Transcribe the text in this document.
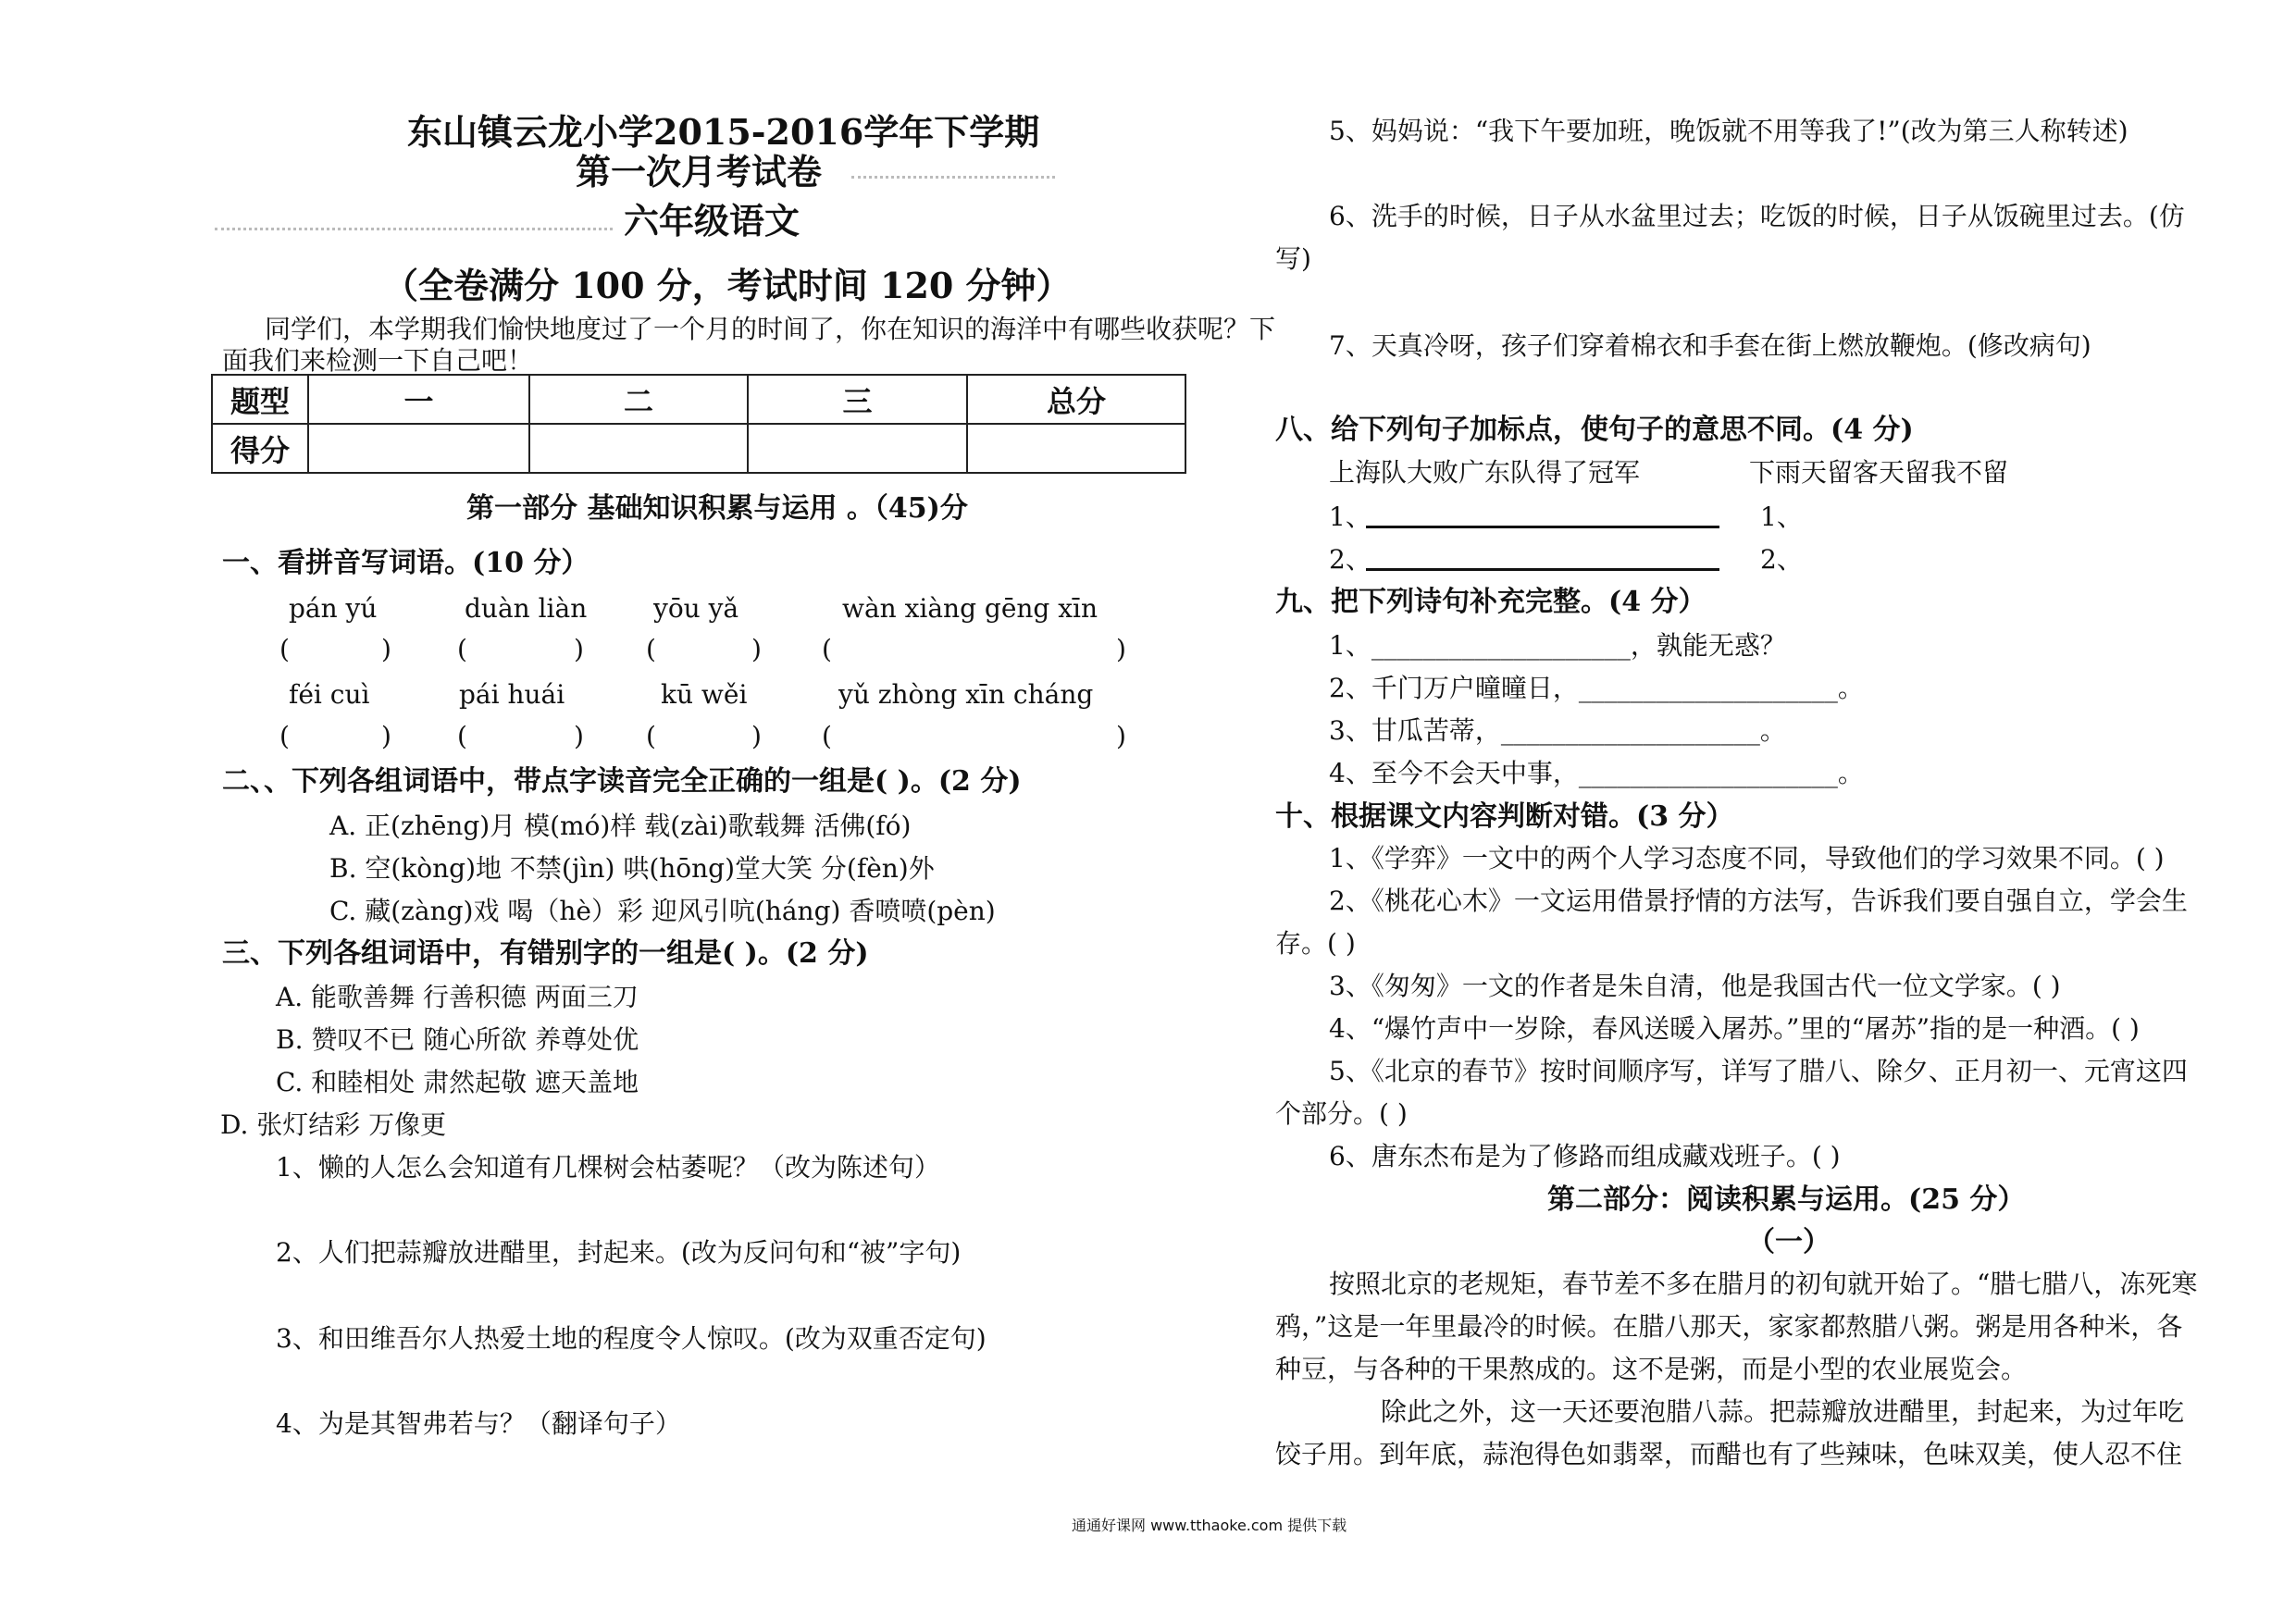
东山镇云龙小学2015-2016学年下学期
第一次月考试卷
六年级语文
（全卷满分 100 分，考试时间 120 分钟）
同学们，本学期我们愉快地度过了一个月的时间了，你在知识的海洋中有哪些收获呢？下
面我们来检测一下自己吧！
题型	一	二	三	总分
得分				
第一部分 基础知识积累与运用 。（45)分
一、看拼音写词语。(10 分）
pán yú	duàn liàn	yōu yǎ	wàn xiàng gēng xīn
(	)	(	) (	) (	)
féi cuì	pái huái	kū wěi	yǔ zhòng xīn cháng
(	)	(	) (	) (	)
二、、下列各组词语中，带点字读音完全正确的一组是( )。(2 分)
A. 正(zhēng)月 模(mó)样 载(zài)歌载舞 活佛(fó)
B. 空(kòng)地 不禁(jìn) 哄(hōng)堂大笑 分(fèn)外
C. 藏(zàng)戏 喝（hè）彩 迎风引吭(háng) 香喷喷(pèn)
三、下列各组词语中，有错别字的一组是( )。(2 分)
A. 能歌善舞 行善积德 两面三刀
B. 赞叹不已 随心所欲 养尊处优
C. 和睦相处 肃然起敬 遮天盖地
D. 张灯结彩 万像更
1、懒的人怎么会知道有几棵树会枯萎呢？（改为陈述句）
2、人们把蒜瓣放进醋里，封起来。(改为反问句和“被”字句)
3、和田维吾尔人热爱土地的程度令人惊叹。(改为双重否定句)
4、为是其智弗若与？（翻译句子）
5、妈妈说：“我下午要加班，晚饭就不用等我了!”(改为第三人称转述)
6、洗手的时候，日子从水盆里过去；吃饭的时候，日子从饭碗里过去。(仿
写)
7、天真冷呀，孩子们穿着棉衣和手套在街上燃放鞭炮。(修改病句)
八、给下列句子加标点，使句子的意思不同。(4 分)
上海队大败广东队得了冠军	下雨天留客天留我不留
1、	1、
2、	2、
九、把下列诗句补充完整。(4 分）
1、____________________，孰能无惑？
2、千门万户曈曈日，____________________。
3、甘瓜苦蒂，____________________。
4、至今不会天中事，____________________。
十、根据课文内容判断对错。(3 分）
1、《学弈》一文中的两个人学习态度不同，导致他们的学习效果不同。( )
2、《桃花心木》一文运用借景抒情的方法写，告诉我们要自强自立，学会生
存。( )
3、《匆匆》一文的作者是朱自清，他是我国古代一位文学家。( )
4、“爆竹声中一岁除，春风送暖入屠苏。”里的“屠苏”指的是一种酒。( )
5、《北京的春节》按时间顺序写，详写了腊八、除夕、正月初一、元宵这四
个部分。( )
6、唐东杰布是为了修路而组成藏戏班子。( )
第二部分：阅读积累与运用。(25 分）
（一）
按照北京的老规矩，春节差不多在腊月的初旬就开始了。“腊七腊八，冻死寒
鸦，”这是一年里最冷的时候。在腊八那天，家家都熬腊八粥。粥是用各种米，各
种豆，与各种的干果熬成的。这不是粥，而是小型的农业展览会。
除此之外，这一天还要泡腊八蒜。把蒜瓣放进醋里，封起来，为过年吃
饺子用。到年底，蒜泡得色如翡翠，而醋也有了些辣味，色味双美，使人忍不住
通通好课网 www.tthaoke.com 提供下载
